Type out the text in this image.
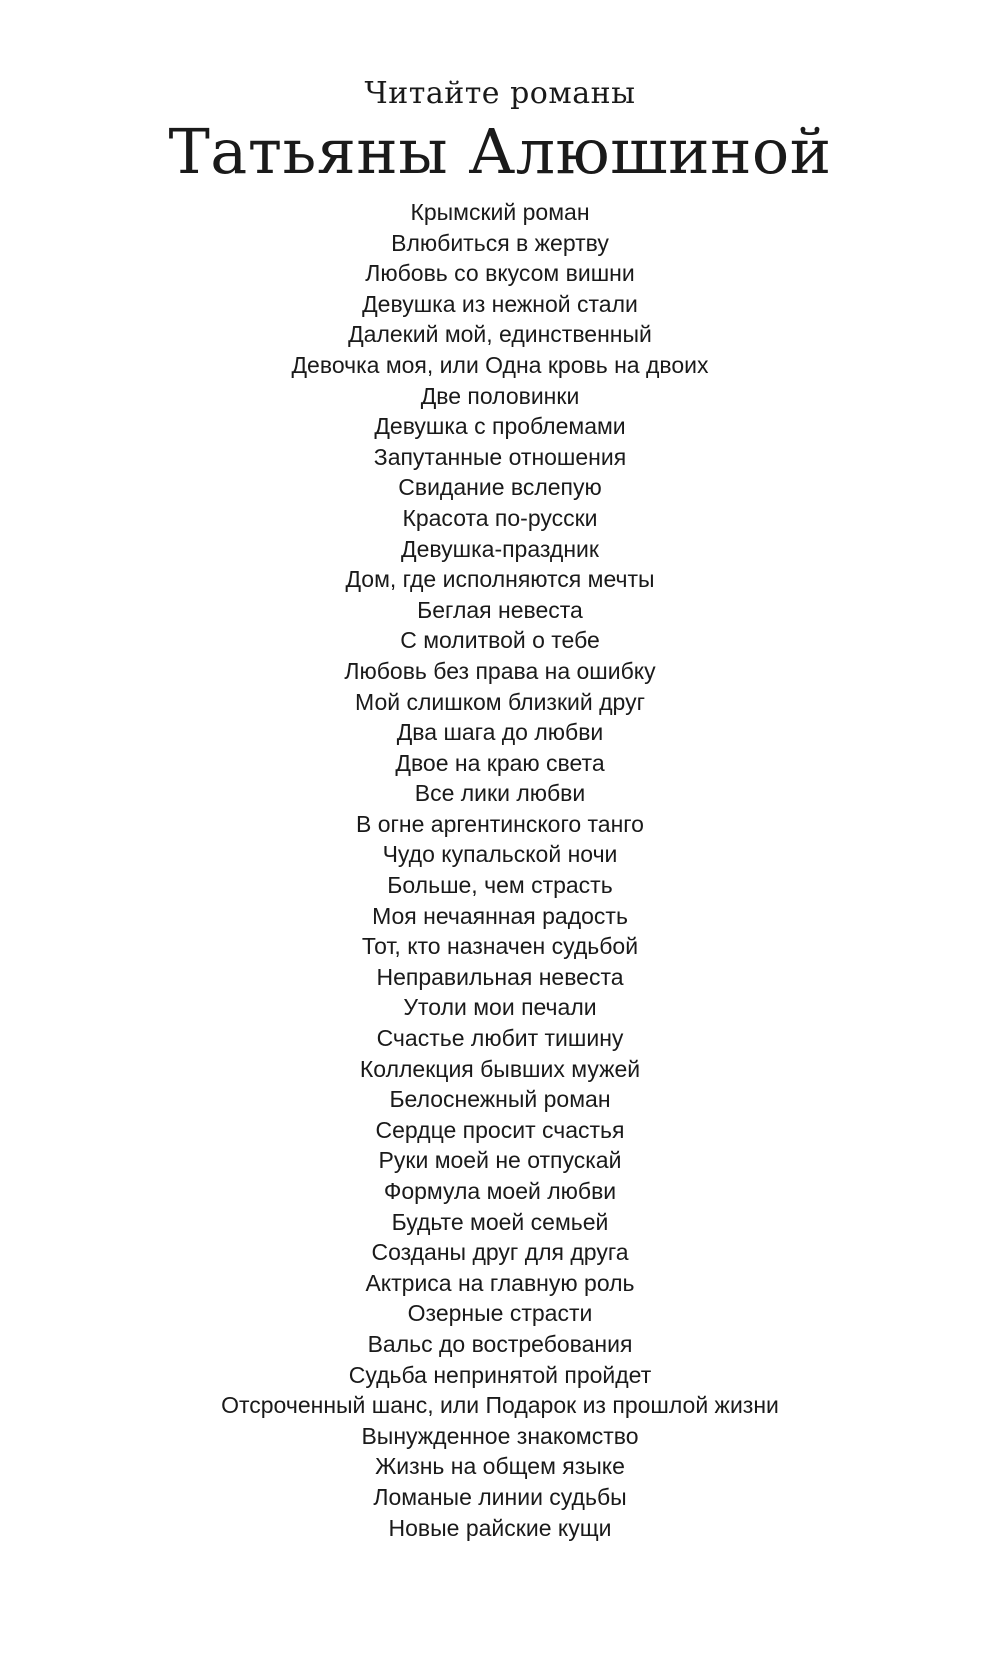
Читайте романы
Татьяны Алюшиной
Крымский роман
Влюбиться в жертву
Любовь со вкусом вишни
Девушка из нежной стали
Далекий мой, единственный
Девочка моя, или Одна кровь на двоих
Две половинки
Девушка с проблемами
Запутанные отношения
Свидание вслепую
Красота по-русски
Девушка-праздник
Дом, где исполняются мечты
Беглая невеста
С молитвой о тебе
Любовь без права на ошибку
Мой слишком близкий друг
Два шага до любви
Двое на краю света
Все лики любви
В огне аргентинского танго
Чудо купальской ночи
Больше, чем страсть
Моя нечаянная радость
Тот, кто назначен судьбой
Неправильная невеста
Утоли мои печали
Счастье любит тишину
Коллекция бывших мужей
Белоснежный роман
Сердце просит счастья
Руки моей не отпускай
Формула моей любви
Будьте моей семьей
Созданы друг для друга
Актриса на главную роль
Озерные страсти
Вальс до востребования
Судьба непринятой пройдет
Отсроченный шанс, или Подарок из прошлой жизни
Вынужденное знакомство
Жизнь на общем языке
Ломаные линии судьбы
Новые райские кущи
